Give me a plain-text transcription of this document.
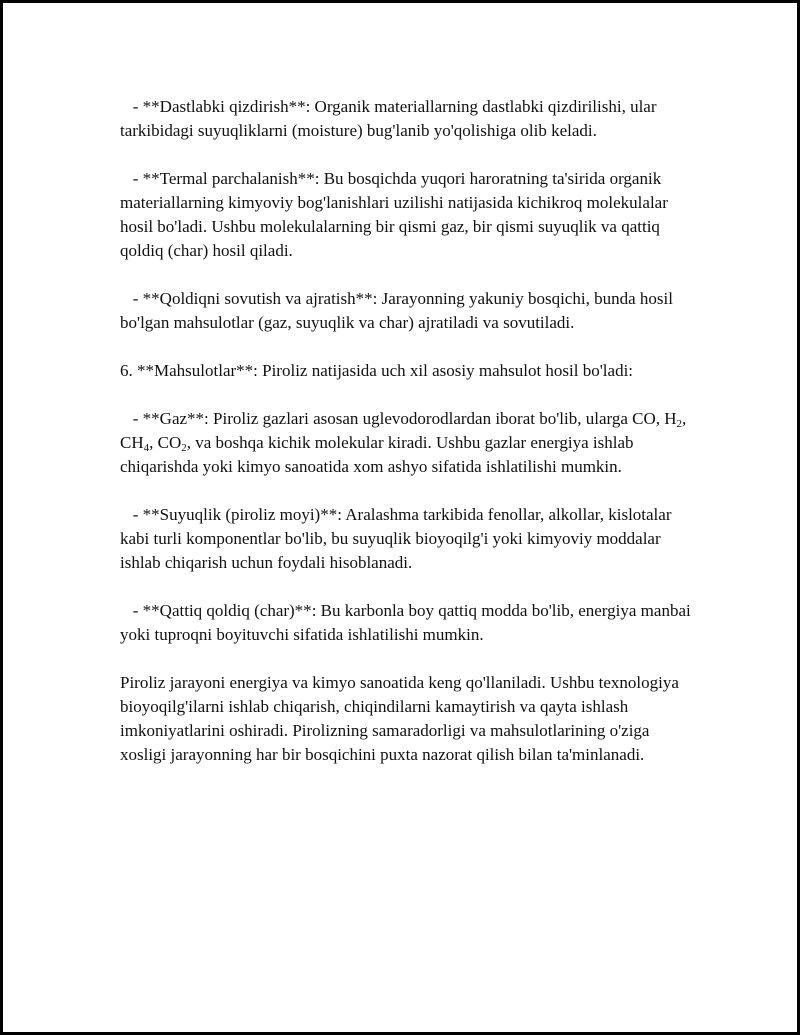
- **Dastlabki qizdirish**: Organik materiallarning dastlabki qizdirilishi, ular tarkibidagi suyuqliklarni (moisture) bug'lanib yo'qolishiga olib keladi.

- **Termal parchalanish**: Bu bosqichda yuqori haroratning ta'sirida organik materiallarning kimyoviy bog'lanishlari uzilishi natijasida kichikroq molekulalar hosil bo'ladi. Ushbu molekulalarning bir qismi gaz, bir qismi suyuqlik va qattiq qoldiq (char) hosil qiladi.

- **Qoldiqni sovutish va ajratish**: Jarayonning yakuniy bosqichi, bunda hosil bo'lgan mahsulotlar (gaz, suyuqlik va char) ajratiladi va sovutiladi.

6. **Mahsulotlar**: Piroliz natijasida uch xil asosiy mahsulot hosil bo'ladi:

- **Gaz**: Piroliz gazlari asosan uglevodorodlardan iborat bo'lib, ularga CO, $H_2$, $CH_4$, $CO_2$, va boshqa kichik molekular kiradi. Ushbu gazlar energiya ishlab chiqarishda yoki kimyo sanoatida xom ashyo sifatida ishlatilishi mumkin.

- **Suyuqlik (piroliz moyi)**: Aralashma tarkibida fenollar, alkollar, kislotalar kabi turli komponentlar bo'lib, bu suyuqlik bioyoqilg'i yoki kimyoviy moddalar ishlab chiqarish uchun foydali hisoblanadi.

- **Qattiq qoldiq (char)**: Bu karbonla boy qattiq modda bo'lib, energiya manbai yoki tuproqni boyituvchi sifatida ishlatilishi mumkin.

Piroliz jarayoni energiya va kimyo sanoatida keng qo'llaniladi. Ushbu texnologiya bioyoqilg'ilarni ishlab chiqarish, chiqindilarni kamaytirish va qayta ishlash imkoniyatlarini oshiradi. Pirolizning samaradorligi va mahsulotlarining o'ziga xosligi jarayonning har bir bosqichini puxta nazorat qilish bilan ta'minlanadi.
